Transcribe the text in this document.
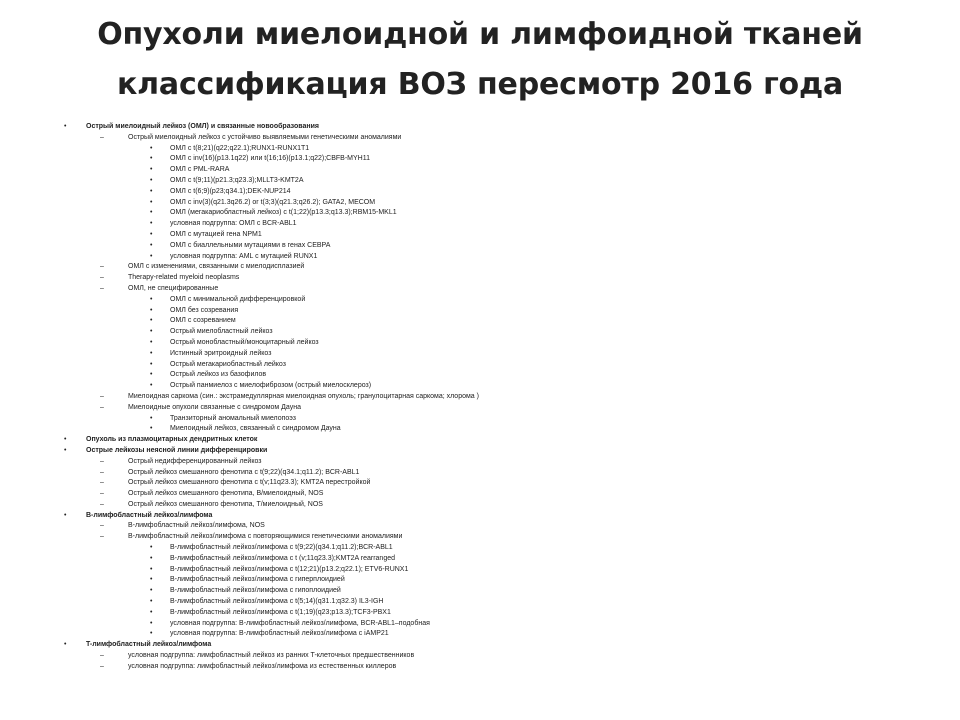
Опухоли миелоидной и лимфоидной тканей
классификация ВОЗ пересмотр 2016 года
•	Острый миелоидный лейкоз (ОМЛ) и связанные новообразования
–	Острый миелоидный лейкоз с устойчиво выявляемыми генетическими аномалиями
•	ОМЛ с t(8;21)(q22;q22.1);RUNX1-RUNX1T1
•	ОМЛ с inv(16)(p13.1q22) или t(16;16)(p13.1;q22);CBFB-MYH11
•	ОМЛ с PML-RARA
•	ОМЛ с t(9;11)(p21.3;q23.3);MLLT3-KMT2A
•	ОМЛ с t(6;9)(p23;q34.1);DEK-NUP214
•	ОМЛ с inv(3)(q21.3q26.2) or t(3;3)(q21.3;q26.2); GATA2, MECOM
•	ОМЛ (мегакариобластный лейкоз) с t(1;22)(p13.3;q13.3);RBM15-MKL1
•	условная подгруппа: ОМЛ с BCR-ABL1
•	ОМЛ с мутацией гена NPM1
•	ОМЛ с биаллельными мутациями в генах CEBPA
•	условная подгруппа: AML с мутацией RUNX1
–	ОМЛ с изменениями, связанными с миелодисплазией
–	Therapy-related myeloid neoplasms
–	ОМЛ, не специфированные
•	ОМЛ с минимальной дифференцировкой
•	ОМЛ без созревания
•	ОМЛ с созреванием
•	Острый миелобластный лейкоз
•	Острый монобластный/моноцитарный лейкоз
•	Истинный эритроидный лейкоз
•	Острый мегакариобластный лейкоз
•	Острый лейкоз из базофилов
•	Острый панмиелоз с миелофиброзом (острый миелосклероз)
–	Миелоидная саркома (син.: экстрамедуллярная миелоидная опухоль; гранулоцитарная саркома; хлорома )
–	Миелоидные опухоли связанные с синдромом Дауна
•	Транзиторный аномальный миелопоэз
•	Миелоидный лейкоз, связанный с синдромом Дауна
•	Опухоль из плазмоцитарных дендритных клеток
•	Острые лейкозы неясной линии дифференцировки
–	Острый недифференцированный лейкоз
–	Острый лейкоз смешанного фенотипа с t(9;22)(q34.1;q11.2); BCR-ABL1
–	Острый лейкоз смешанного фенотипа с t(v;11q23.3); KMT2A перестройкой
–	Острый лейкоз смешанного фенотипа, B/миелоидный, NOS
–	Острый лейкоз смешанного фенотипа, T/миелоидный, NOS
•	B-лимфобластный лейкоз/лимфома
–	B-лимфобластный лейкоз/лимфома, NOS
–	B-лимфобластный лейкоз/лимфома с повторяющимися генетическими аномалиями
•	B-лимфобластный лейкоз/лимфома с t(9;22)(q34.1;q11.2);BCR-ABL1
•	B-лимфобластный лейкоз/лимфома с t (v;11q23.3);KMT2A rearranged
•	B-лимфобластный лейкоз/лимфома с t(12;21)(p13.2;q22.1); ETV6-RUNX1
•	B-лимфобластный лейкоз/лимфома с гиперплоидией
•	B-лимфобластный лейкоз/лимфома с гипоплоидией
•	B-лимфобластный лейкоз/лимфома с t(5;14)(q31.1;q32.3) IL3-IGH
•	B-лимфобластный лейкоз/лимфома с t(1;19)(q23;p13.3);TCF3-PBX1
•	условная подгруппа: B-лимфобластный лейкоз/лимфома, BCR-ABL1–подобная
•	условная подгруппа: B-лимфобластный лейкоз/лимфома с iAMP21
•	T-лимфобластный лейкоз/лимфома
–	условная подгруппа: лимфобластный лейкоз из ранних T-клеточных предшественников
–	условная подгруппа: лимфобластный лейкоз/лимфома из естественных киллеров
